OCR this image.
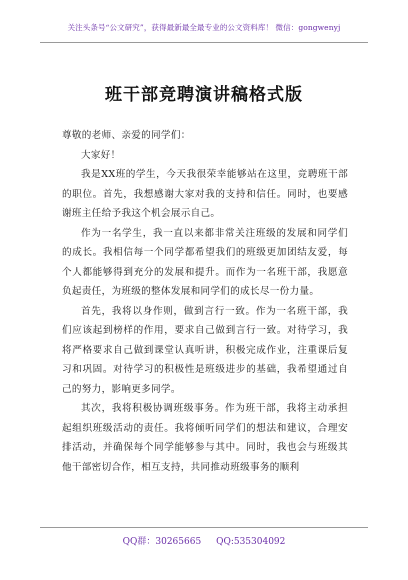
关注头条号“公文研究”，获得最新最全最专业的公文资料库！ 微信：gongwenyj
班干部竞聘演讲稿格式版

尊敬的老师、亲爱的同学们：

大家好！

我是XX班的学生，今天我很荣幸能够站在这里，竞聘班干部的职位。首先，我想感谢大家对我的支持和信任。同时，也要感谢班主任给予我这个机会展示自己。

作为一名学生，我一直以来都非常关注班级的发展和同学们的成长。我相信每一个同学都希望我们的班级更加团结友爱，每个人都能够得到充分的发展和提升。而作为一名班干部，我愿意负起责任，为班级的整体发展和同学们的成长尽一份力量。

首先，我将以身作则，做到言行一致。作为一名班干部，我们应该起到榜样的作用，要求自己做到言行一致。对待学习，我将严格要求自己做到课堂认真听讲，积极完成作业，注重课后复习和巩固。对待学习的积极性是班级进步的基础，我希望通过自己的努力，影响更多同学。

其次，我将积极协调班级事务。作为班干部，我将主动承担起组织班级活动的责任。我将倾听同学们的想法和建议，合理安排活动，并确保每个同学能够参与其中。同时，我也会与班级其他干部密切合作，相互支持，共同推动班级事务的顺利

QQ群：30265665 QQ:535304092
